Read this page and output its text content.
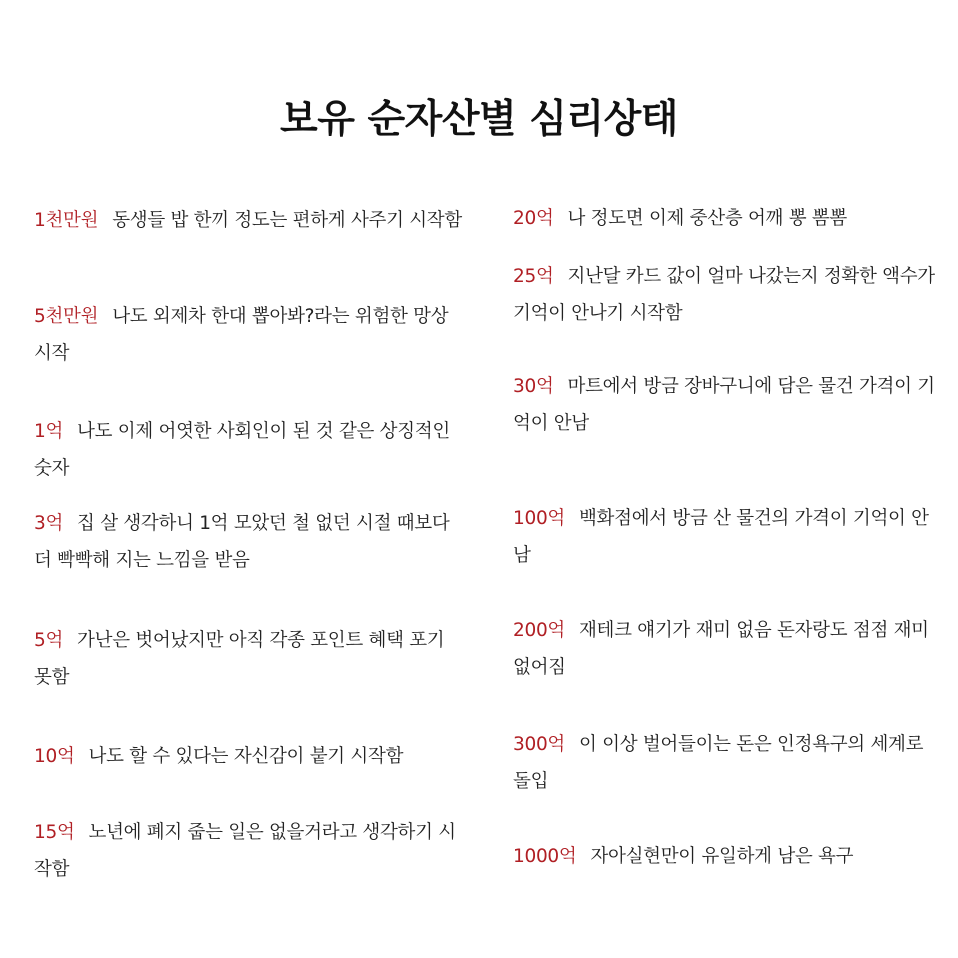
보유 순자산별 심리상태
1천만원 동생들 밥 한끼 정도는 편하게 사주기 시작함
5천만원 나도 외제차 한대 뽑아봐?라는 위험한 망상 시작
1억 나도 이제 어엿한 사회인이 된 것 같은 상징적인 숫자
3억 집 살 생각하니 1억 모았던 철 없던 시절 때보다 더 빡빡해 지는 느낌을 받음
5억 가난은 벗어났지만 아직 각종 포인트 혜택 포기 못함
10억 나도 할 수 있다는 자신감이 붙기 시작함
15억 노년에 폐지 줍는 일은 없을거라고 생각하기 시작함
20억 나 정도면 이제 중산층 어깨 뽕 뽐뽐
25억 지난달 카드 값이 얼마 나갔는지 정확한 액수가 기억이 안나기 시작함
30억 마트에서 방금 장바구니에 담은 물건 가격이 기억이 안남
100억 백화점에서 방금 산 물건의 가격이 기억이 안남
200억 재테크 얘기가 재미 없음 돈자랑도 점점 재미 없어짐
300억 이 이상 벌어들이는 돈은 인정욕구의 세계로 돌입
1000억 자아실현만이 유일하게 남은 욕구
